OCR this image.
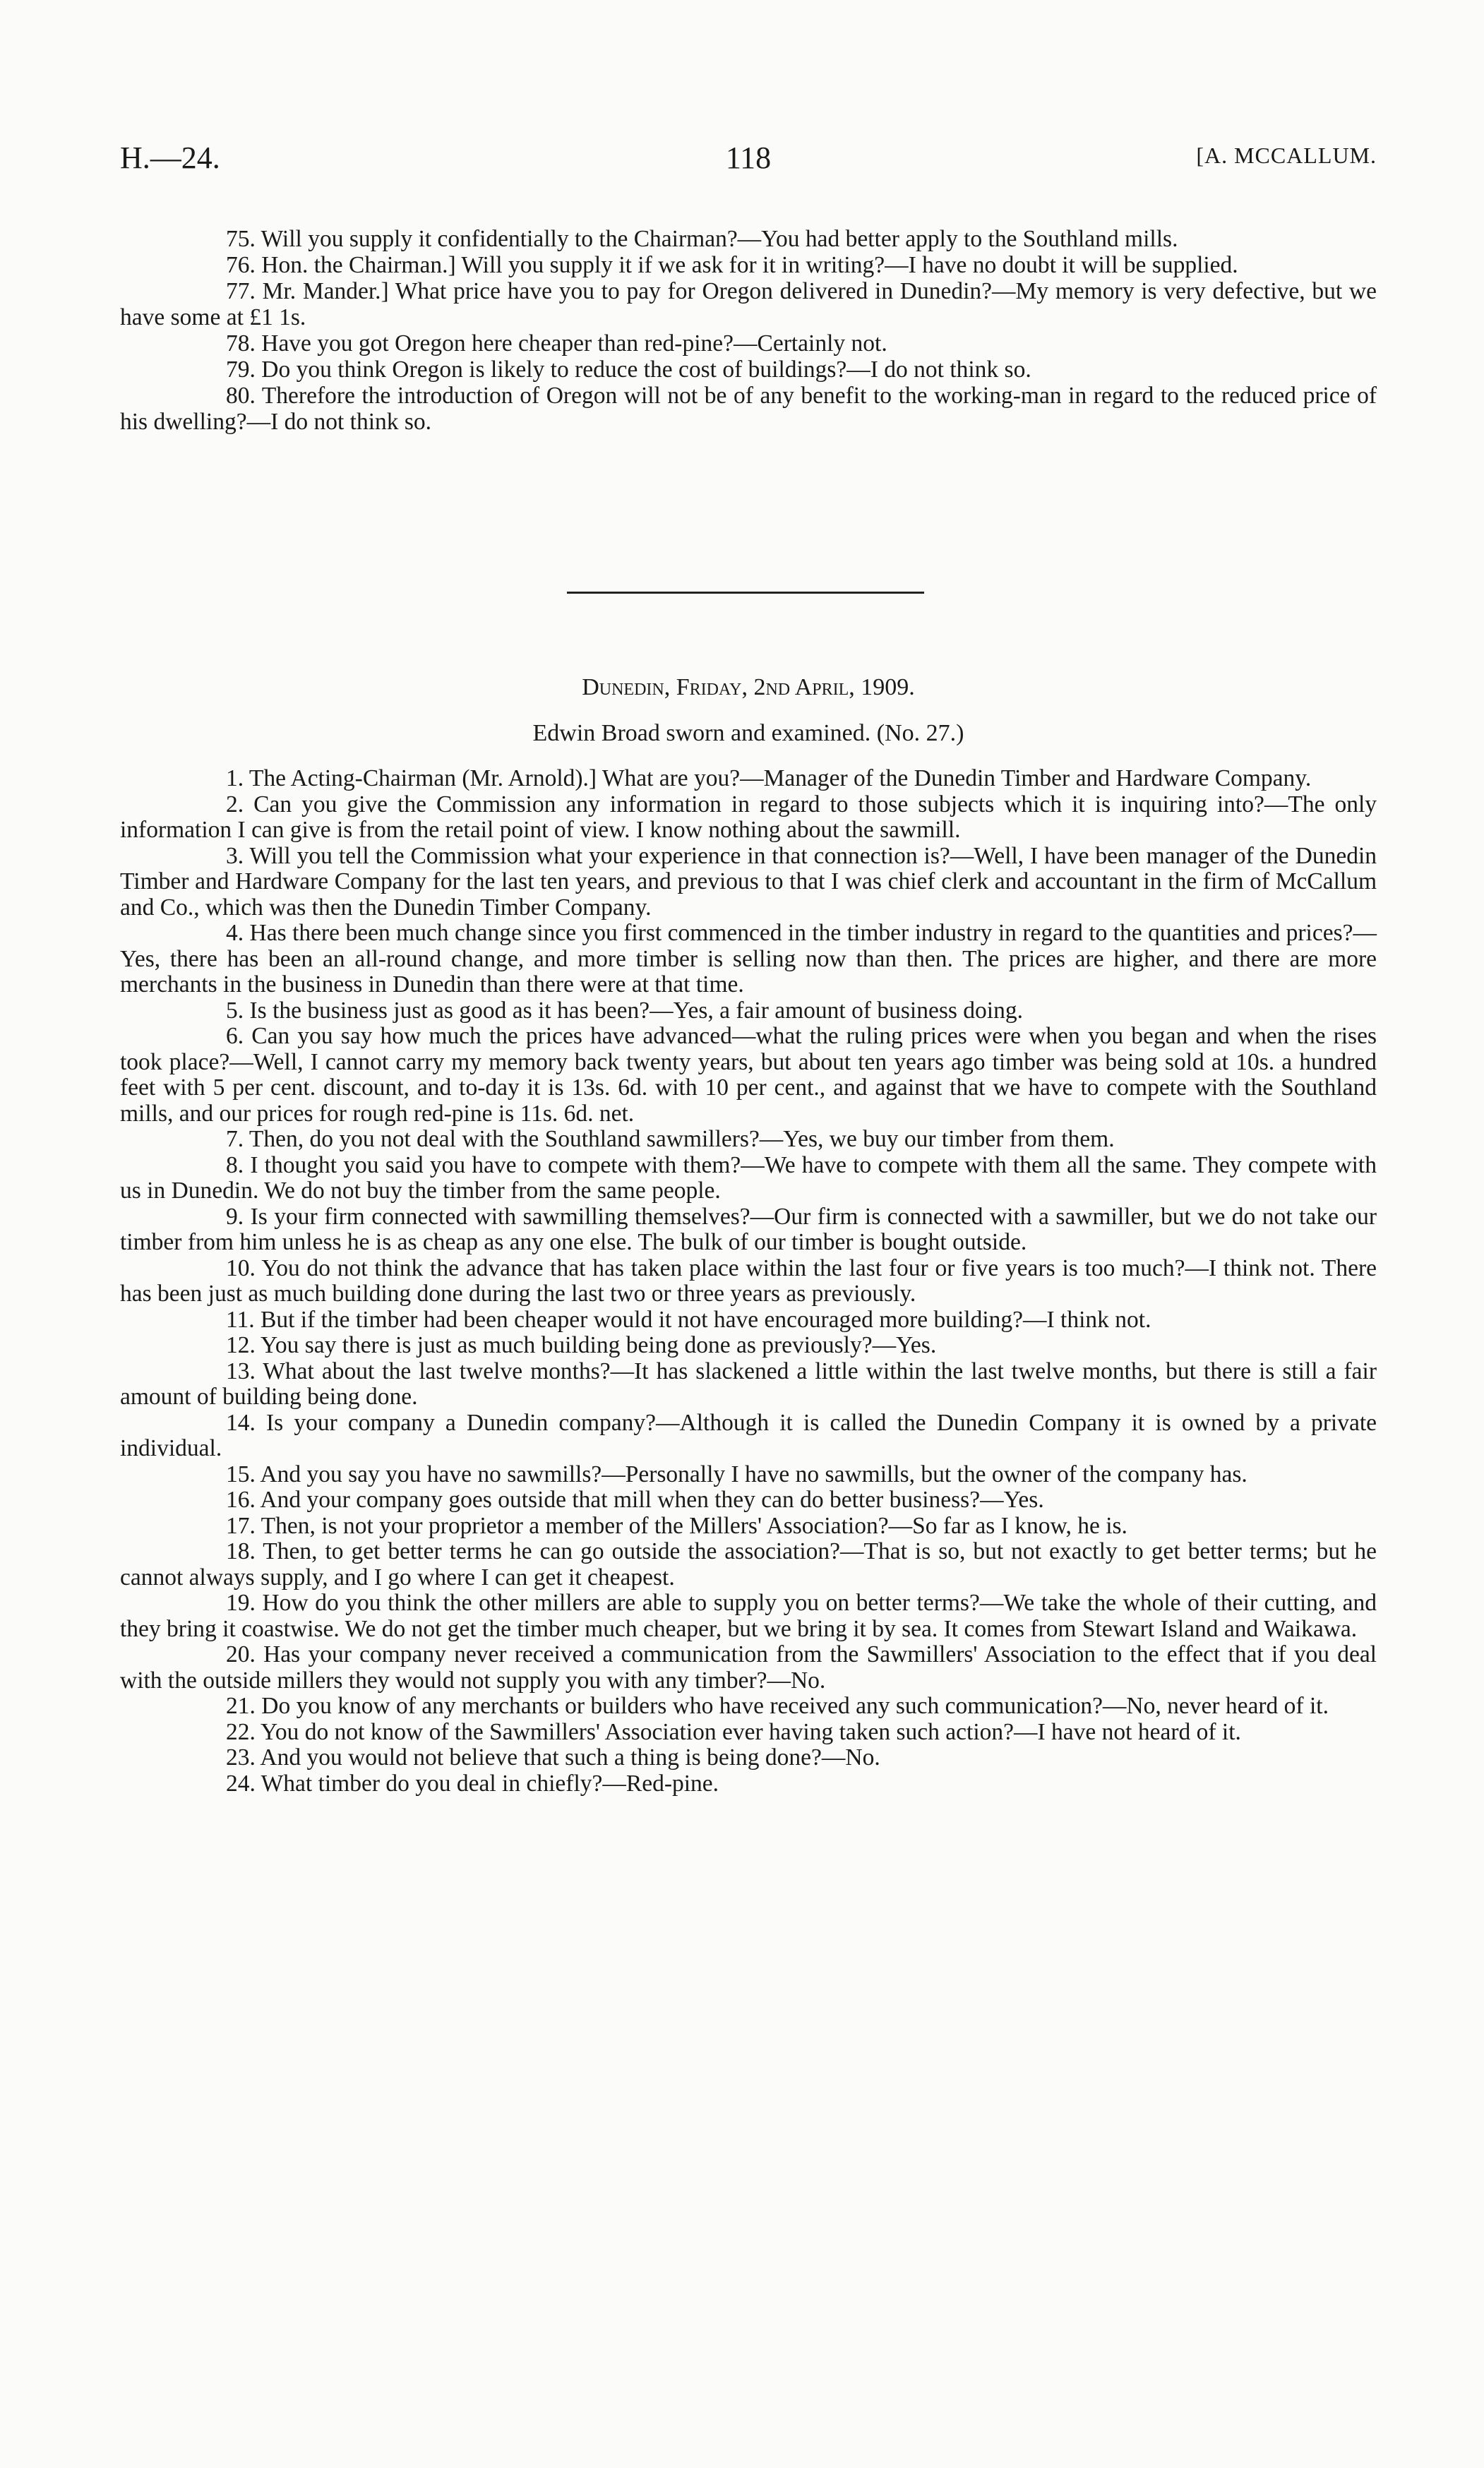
H.—24.	118	[A. MCCALLUM.

75. Will you supply it confidentially to the Chairman?—You had better apply to the Southland mills.

76. Hon. the Chairman.] Will you supply it if we ask for it in writing?—I have no doubt it will be supplied.

77. Mr. Mander.] What price have you to pay for Oregon delivered in Dunedin?—My memory is very defective, but we have some at £1 1s.

78. Have you got Oregon here cheaper than red-pine?—Certainly not.

79. Do you think Oregon is likely to reduce the cost of buildings?—I do not think so.

80. Therefore the introduction of Oregon will not be of any benefit to the working-man in regard to the reduced price of his dwelling?—I do not think so.

Dunedin, Friday, 2nd April, 1909.
Edwin Broad sworn and examined. (No. 27.)

1. The Acting-Chairman (Mr. Arnold).] What are you?—Manager of the Dunedin Timber and Hardware Company.

2. Can you give the Commission any information in regard to those subjects which it is inquiring into?—The only information I can give is from the retail point of view. I know nothing about the sawmill.

3. Will you tell the Commission what your experience in that connection is?—Well, I have been manager of the Dunedin Timber and Hardware Company for the last ten years, and previous to that I was chief clerk and accountant in the firm of McCallum and Co., which was then the Dunedin Timber Company.

4. Has there been much change since you first commenced in the timber industry in regard to the quantities and prices?—Yes, there has been an all-round change, and more timber is selling now than then. The prices are higher, and there are more merchants in the business in Dunedin than there were at that time.

5. Is the business just as good as it has been?—Yes, a fair amount of business doing.

6. Can you say how much the prices have advanced—what the ruling prices were when you began and when the rises took place?—Well, I cannot carry my memory back twenty years, but about ten years ago timber was being sold at 10s. a hundred feet with 5 per cent. discount, and to-day it is 13s. 6d. with 10 per cent., and against that we have to compete with the Southland mills, and our prices for rough red-pine is 11s. 6d. net.

7. Then, do you not deal with the Southland sawmillers?—Yes, we buy our timber from them.

8. I thought you said you have to compete with them?—We have to compete with them all the same. They compete with us in Dunedin. We do not buy the timber from the same people.

9. Is your firm connected with sawmilling themselves?—Our firm is connected with a sawmiller, but we do not take our timber from him unless he is as cheap as any one else. The bulk of our timber is bought outside.

10. You do not think the advance that has taken place within the last four or five years is too much?—I think not. There has been just as much building done during the last two or three years as previously.

11. But if the timber had been cheaper would it not have encouraged more building?—I think not.

12. You say there is just as much building being done as previously?—Yes.

13. What about the last twelve months?—It has slackened a little within the last twelve months, but there is still a fair amount of building being done.

14. Is your company a Dunedin company?—Although it is called the Dunedin Company it is owned by a private individual.

15. And you say you have no sawmills?—Personally I have no sawmills, but the owner of the company has.

16. And your company goes outside that mill when they can do better business?—Yes.

17. Then, is not your proprietor a member of the Millers' Association?—So far as I know, he is.

18. Then, to get better terms he can go outside the association?—That is so, but not exactly to get better terms; but he cannot always supply, and I go where I can get it cheapest.

19. How do you think the other millers are able to supply you on better terms?—We take the whole of their cutting, and they bring it coastwise. We do not get the timber much cheaper, but we bring it by sea. It comes from Stewart Island and Waikawa.

20. Has your company never received a communication from the Sawmillers' Association to the effect that if you deal with the outside millers they would not supply you with any timber?—No.

21. Do you know of any merchants or builders who have received any such communication?—No, never heard of it.

22. You do not know of the Sawmillers' Association ever having taken such action?—I have not heard of it.

23. And you would not believe that such a thing is being done?—No.

24. What timber do you deal in chiefly?—Red-pine.
